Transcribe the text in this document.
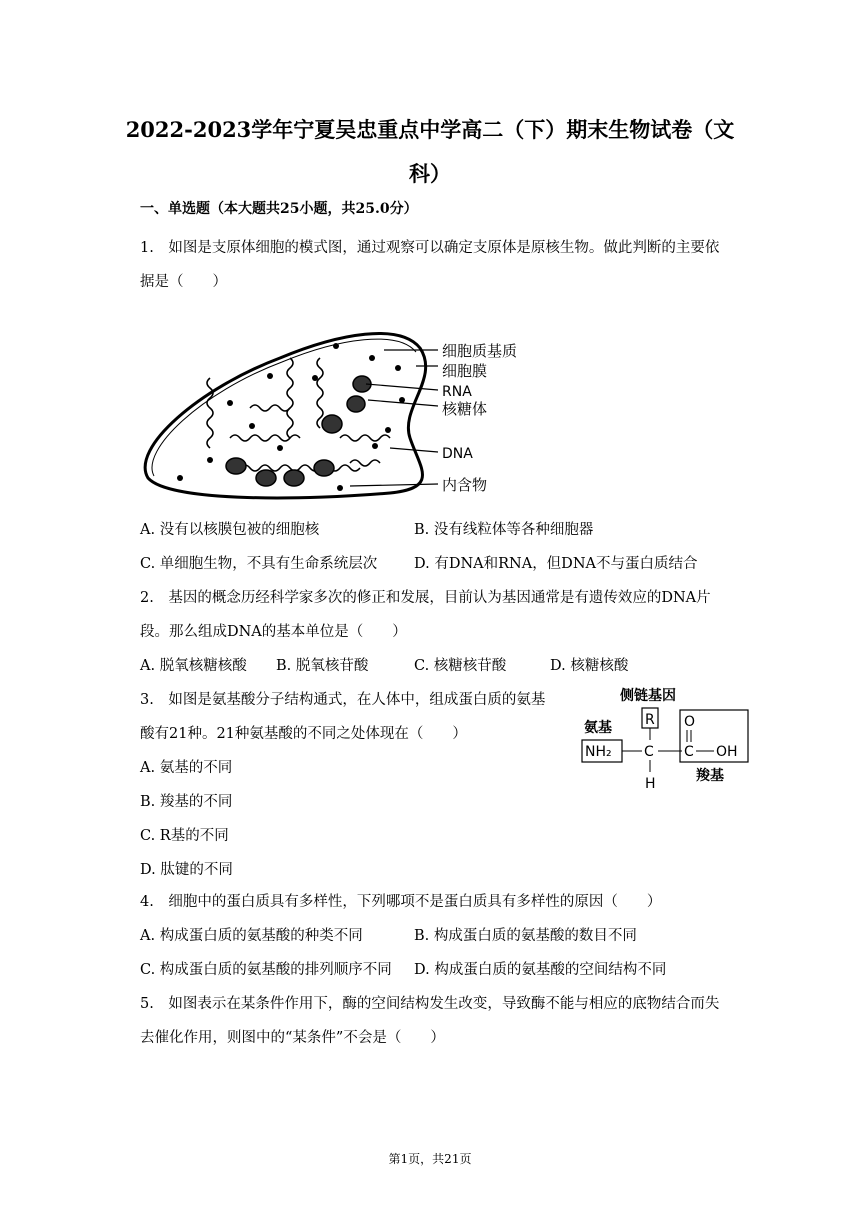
2022-2023学年宁夏吴忠重点中学高二（下）期末生物试卷（文
科）
一、单选题（本大题共25小题，共25.0分）
1.　如图是支原体细胞的模式图，通过观察可以确定支原体是原核生物。做此判断的主要依
据是（　　）
细胞质基质
细胞膜
RNA
核糖体
DNA
内含物
A. 没有以核膜包被的细胞核	B. 没有线粒体等各种细胞器
C. 单细胞生物，不具有生命系统层次	D. 有DNA和RNA，但DNA不与蛋白质结合
2.　基因的概念历经科学家多次的修正和发展，目前认为基因通常是有遗传效应的DNA片
段。那么组成DNA的基本单位是（　　）
A. 脱氧核糖核酸 B. 脱氧核苷酸	C. 核糖核苷酸	D. 核糖核酸
3.　如图是氨基酸分子结构通式，在人体中，组成蛋白质的氨基
酸有21种。21种氨基酸的不同之处体现在（　　）
侧链基因
氨基
羧基
R
NH₂ C
H
O
C OH
A. 氨基的不同
B. 羧基的不同
C. R基的不同
D. 肽键的不同
4.　细胞中的蛋白质具有多样性，下列哪项不是蛋白质具有多样性的原因（　　）
A. 构成蛋白质的氨基酸的种类不同	B. 构成蛋白质的氨基酸的数目不同
C. 构成蛋白质的氨基酸的排列顺序不同 D. 构成蛋白质的氨基酸的空间结构不同
5.　如图表示在某条件作用下，酶的空间结构发生改变，导致酶不能与相应的底物结合而失
去催化作用，则图中的“某条件”不会是（　　）
第1页，共21页
